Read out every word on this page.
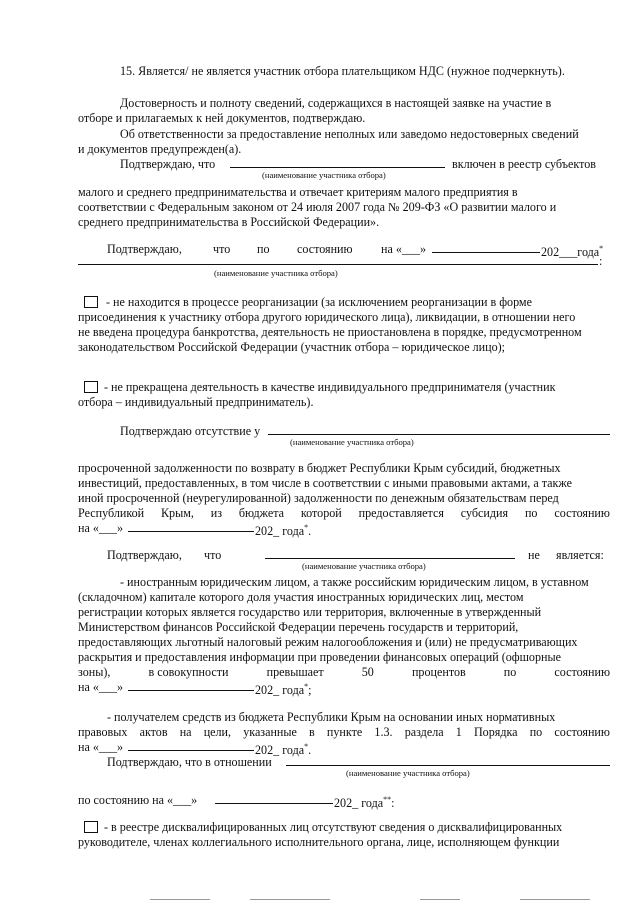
15. Является/ не является участник отбора плательщиком НДС (нужное подчеркнуть).
Достоверность и полноту сведений, содержащихся в настоящей заявке на участие в
отборе и прилагаемых к ней документов, подтверждаю.
Об ответственности за предоставление неполных или заведомо недостоверных сведений
и документов предупрежден(а).
Подтверждаю, что	включен в реестр субъектов
(наименование участника отбора)
малого и среднего предпринимательства и отвечает критериям малого предприятия в
соответствии с Федеральным законом от 24 июля 2007 года № 209-ФЗ «О развитии малого и
среднего предпринимательства в Российской Федерации».
Подтверждаю,	что по состоянию на «___»	202___года*
:
(наименование участника отбора)
- не находится в процессе реорганизации (за исключением реорганизации в форме
присоединения к участнику отбора другого юридического лица), ликвидации, в отношении него
не введена процедура банкротства, деятельность не приостановлена в порядке, предусмотренном
законодательством Российской Федерации (участник отбора – юридическое лицо);
- не прекращена деятельность в качестве индивидуального предпринимателя (участник
отбора – индивидуальный предприниматель).
Подтверждаю отсутствие у
(наименование участника отбора)
просроченной задолженности по возврату в бюджет Республики Крым субсидий, бюджетных
инвестиций, предоставленных, в том числе в соответствии с иными правовыми актами, а также
иной просроченной (неурегулированной) задолженности по денежным обязательствам перед
Республикой Крым, из бюджета которой предоставляется субсидия по состоянию
на «___»	202_ года*.
Подтверждаю, что	не является:
(наименование участника отбора)
- иностранным юридическим лицом, а также российским юридическим лицом, в уставном
(складочном) капитале которого доля участия иностранных юридических лиц, местом
регистрации которых является государство или территория, включенные в утвержденный
Министерством финансов Российской Федерации перечень государств и территорий,
предоставляющих льготный налоговый режим налогообложения и (или) не предусматривающих
раскрытия и предоставления информации при проведении финансовых операций (офшорные
зоны),	в совокупности	превышает	50	процентов	по	состоянию
на «___»	202_ года*;
- получателем средств из бюджета Республики Крым на основании иных нормативных
правовых актов на цели, указанные в пункте 1.3. раздела 1 Порядка по состоянию
на «___»	202_ года*.
Подтверждаю, что в отношении
(наименование участника отбора)
по состоянию на «___»	202_ года**:
- в реестре дисквалифицированных лиц отсутствуют сведения о дисквалифицированных
руководителе, членах коллегиального исполнительного органа, лице, исполняющем функции
